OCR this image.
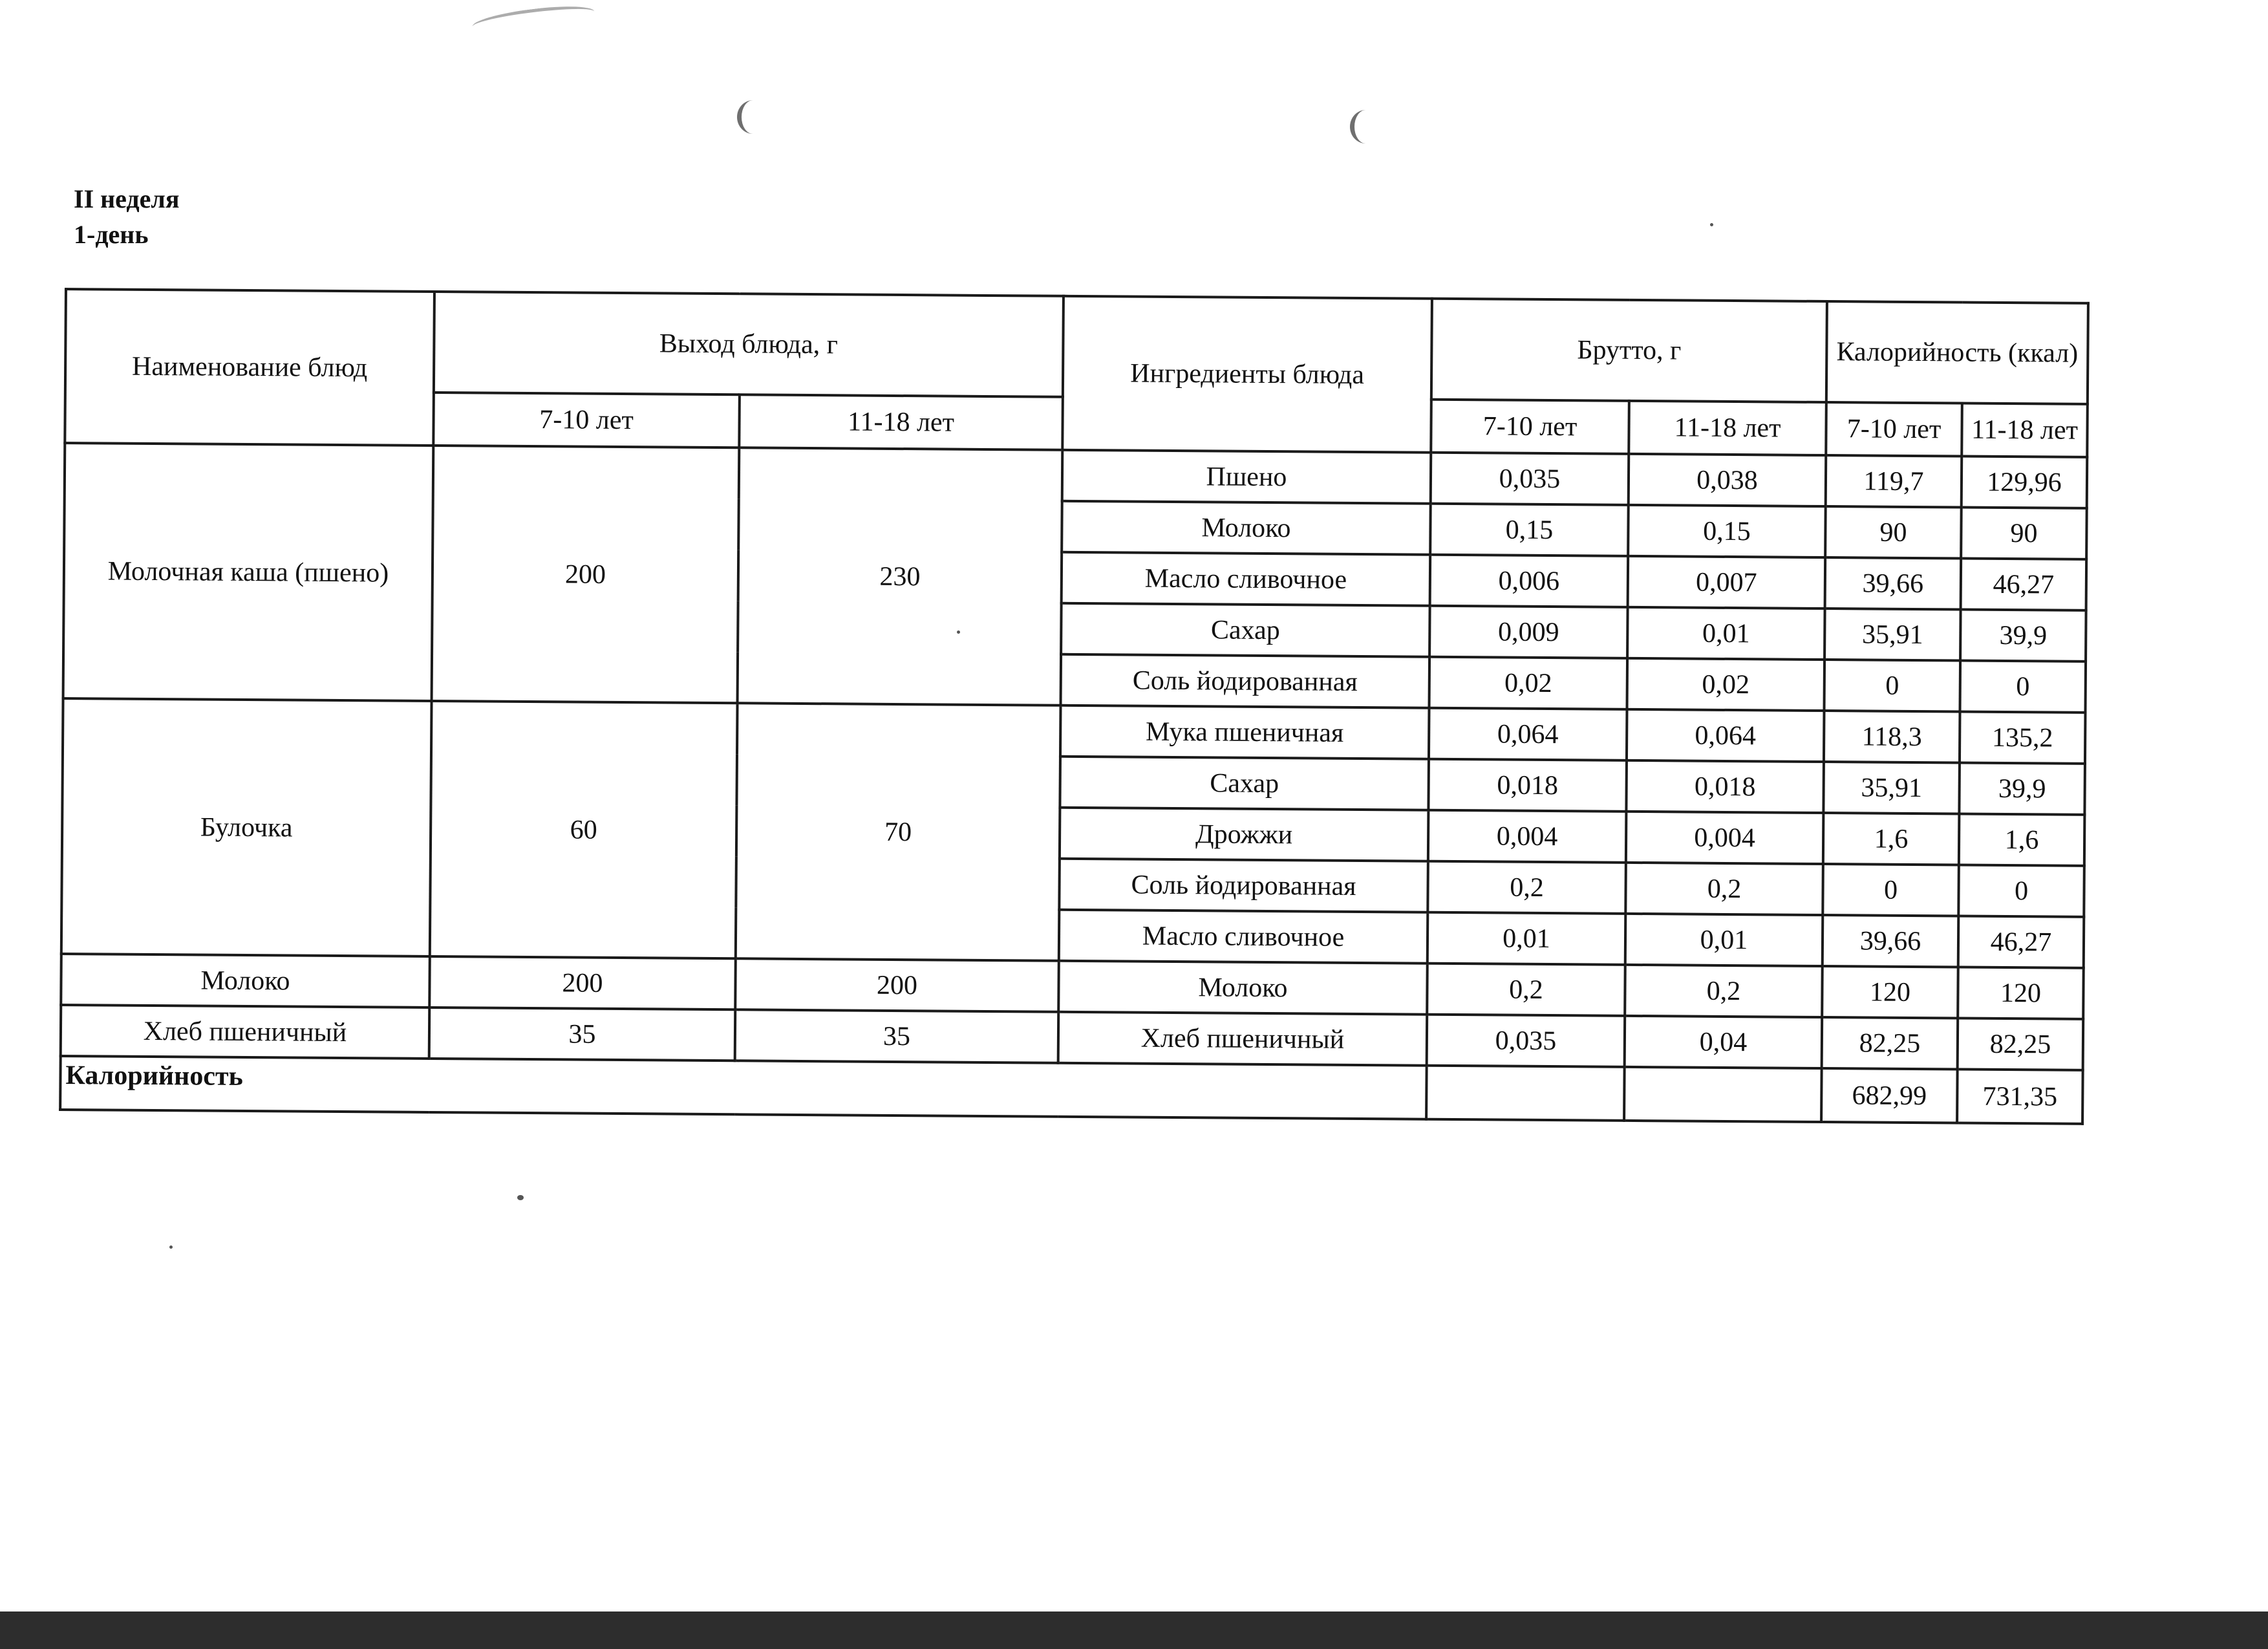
II неделя
1-день
Наименование блюд	Выход блюда, г		Ингредиенты блюда	Брутто, г		Калорийность (ккал)	
	7-10 лет	11-18 лет		7-10 лет	11-18 лет	7-10 лет	11-18 лет
Молочная каша (пшено)	200	230	Пшено	0,035	0,038	119,7	129,96
			Молоко	0,15	0,15	90	90
			Масло сливочное	0,006	0,007	39,66	46,27
			Сахар	0,009	0,01	35,91	39,9
			Соль йодированная	0,02	0,02	0	0
Булочка	60	70	Мука пшеничная	0,064	0,064	118,3	135,2
			Сахар	0,018	0,018	35,91	39,9
			Дрожжи	0,004	0,004	1,6	1,6
			Соль йодированная	0,2	0,2	0	0
			Масло сливочное	0,01	0,01	39,66	46,27
Молоко	200	200	Молоко	0,2	0,2	120	120
Хлеб пшеничный	35	35	Хлеб пшеничный	0,035	0,04	82,25	82,25
Калорийность						682,99	731,35
